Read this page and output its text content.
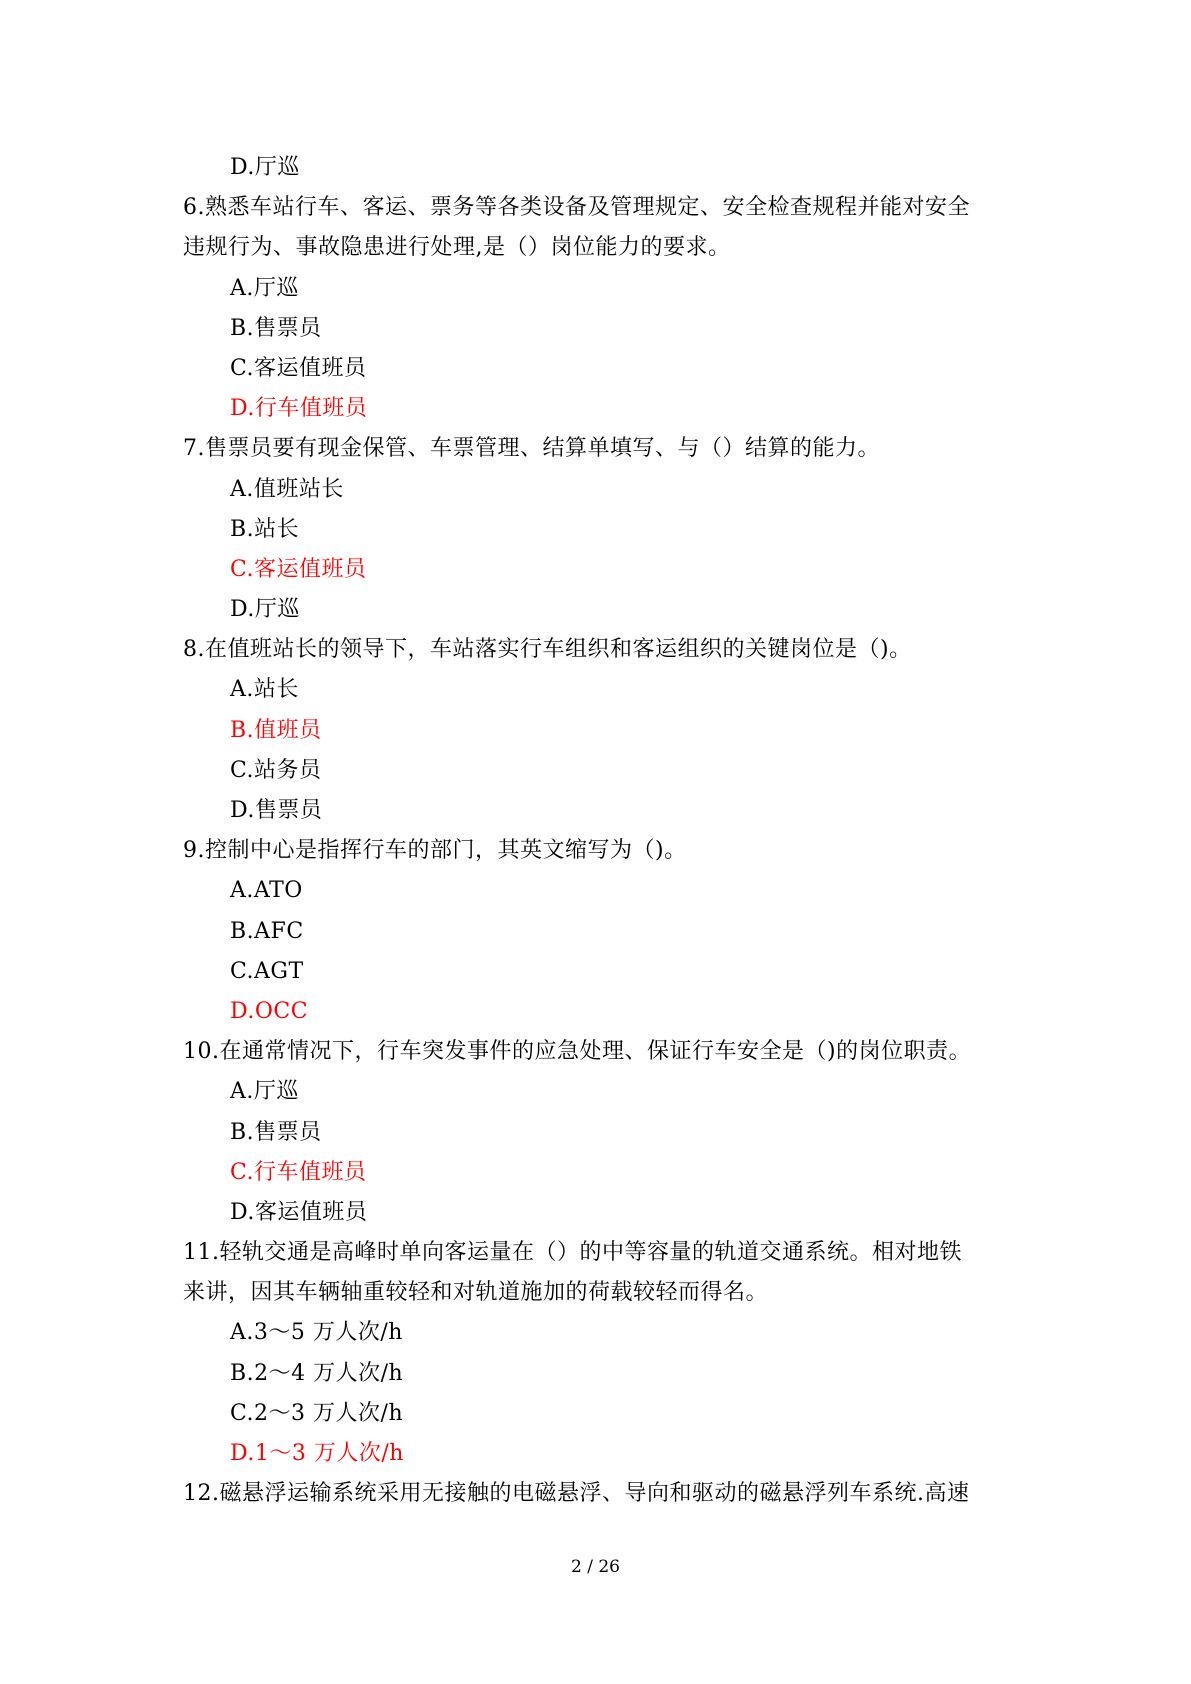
D.厅巡
6.熟悉车站行车、客运、票务等各类设备及管理规定、安全检查规程并能对安全
违规行为、事故隐患进行处理,是（）岗位能力的要求。
A.厅巡
B.售票员
C.客运值班员
D.行车值班员
7.售票员要有现金保管、车票管理、结算单填写、与（）结算的能力。
A.值班站长
B.站长
C.客运值班员
D.厅巡
8.在值班站长的领导下，车站落实行车组织和客运组织的关键岗位是（)。
A.站长
B.值班员
C.站务员
D.售票员
9.控制中心是指挥行车的部门，其英文缩写为（)。
A.ATO
B.AFC
C.AGT
D.OCC
10.在通常情况下，行车突发事件的应急处理、保证行车安全是（)的岗位职责。
A.厅巡
B.售票员
C.行车值班员
D.客运值班员
11.轻轨交通是高峰时单向客运量在（）的中等容量的轨道交通系统。相对地铁
来讲，因其车辆轴重较轻和对轨道施加的荷载较轻而得名。
A.3～5 万人次/h
B.2～4 万人次/h
C.2～3 万人次/h
D.1～3 万人次/h
12.磁悬浮运输系统采用无接触的电磁悬浮、导向和驱动的磁悬浮列车系统.高速
2 / 26
